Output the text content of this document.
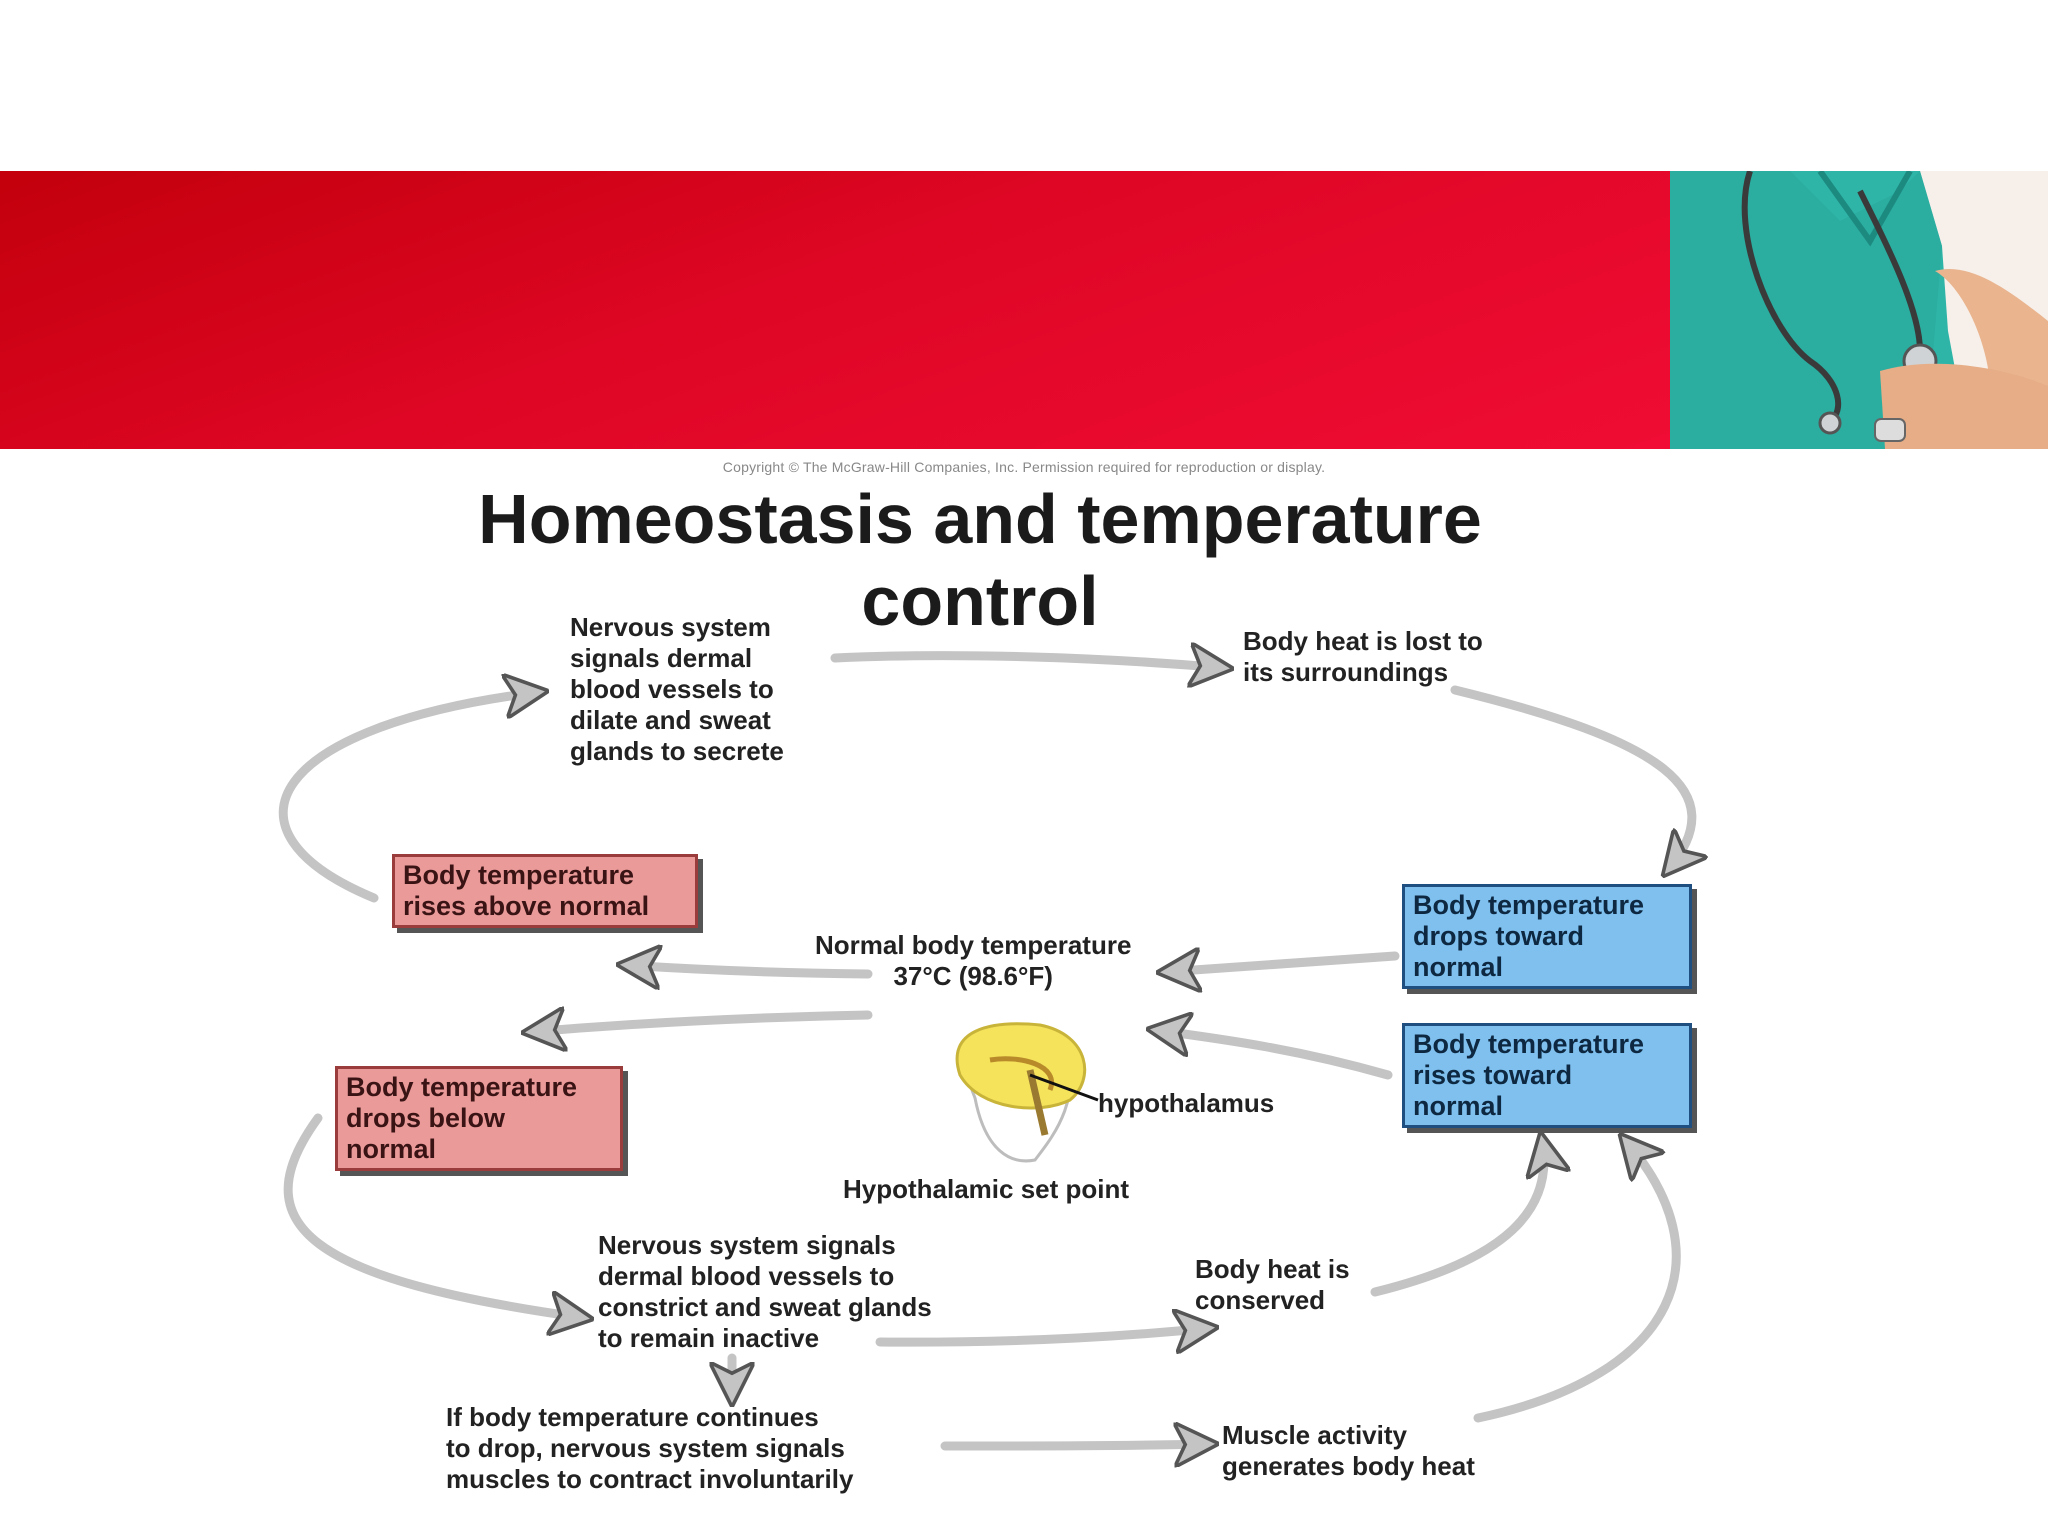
Copyright © The McGraw-Hill Companies, Inc. Permission required for reproduction or display.
Homeostasis and temperature
control
Nervous system
signals dermal
blood vessels to
dilate and sweat
glands to secrete
Body heat is lost to
its surroundings
Body temperature
rises above normal	Body temperature
drops toward
normal
Normal body temperature
37°C (98.6°F)
Body temperature
rises toward
normal
Body temperature
drops below
normal
hypothalamus
Hypothalamic set point
Nervous system signals
dermal blood vessels to
constrict and sweat glands
to remain inactive
Body heat is
conserved
If body temperature continues
to drop, nervous system signals
muscles to contract involuntarily
Muscle activity
generates body heat
